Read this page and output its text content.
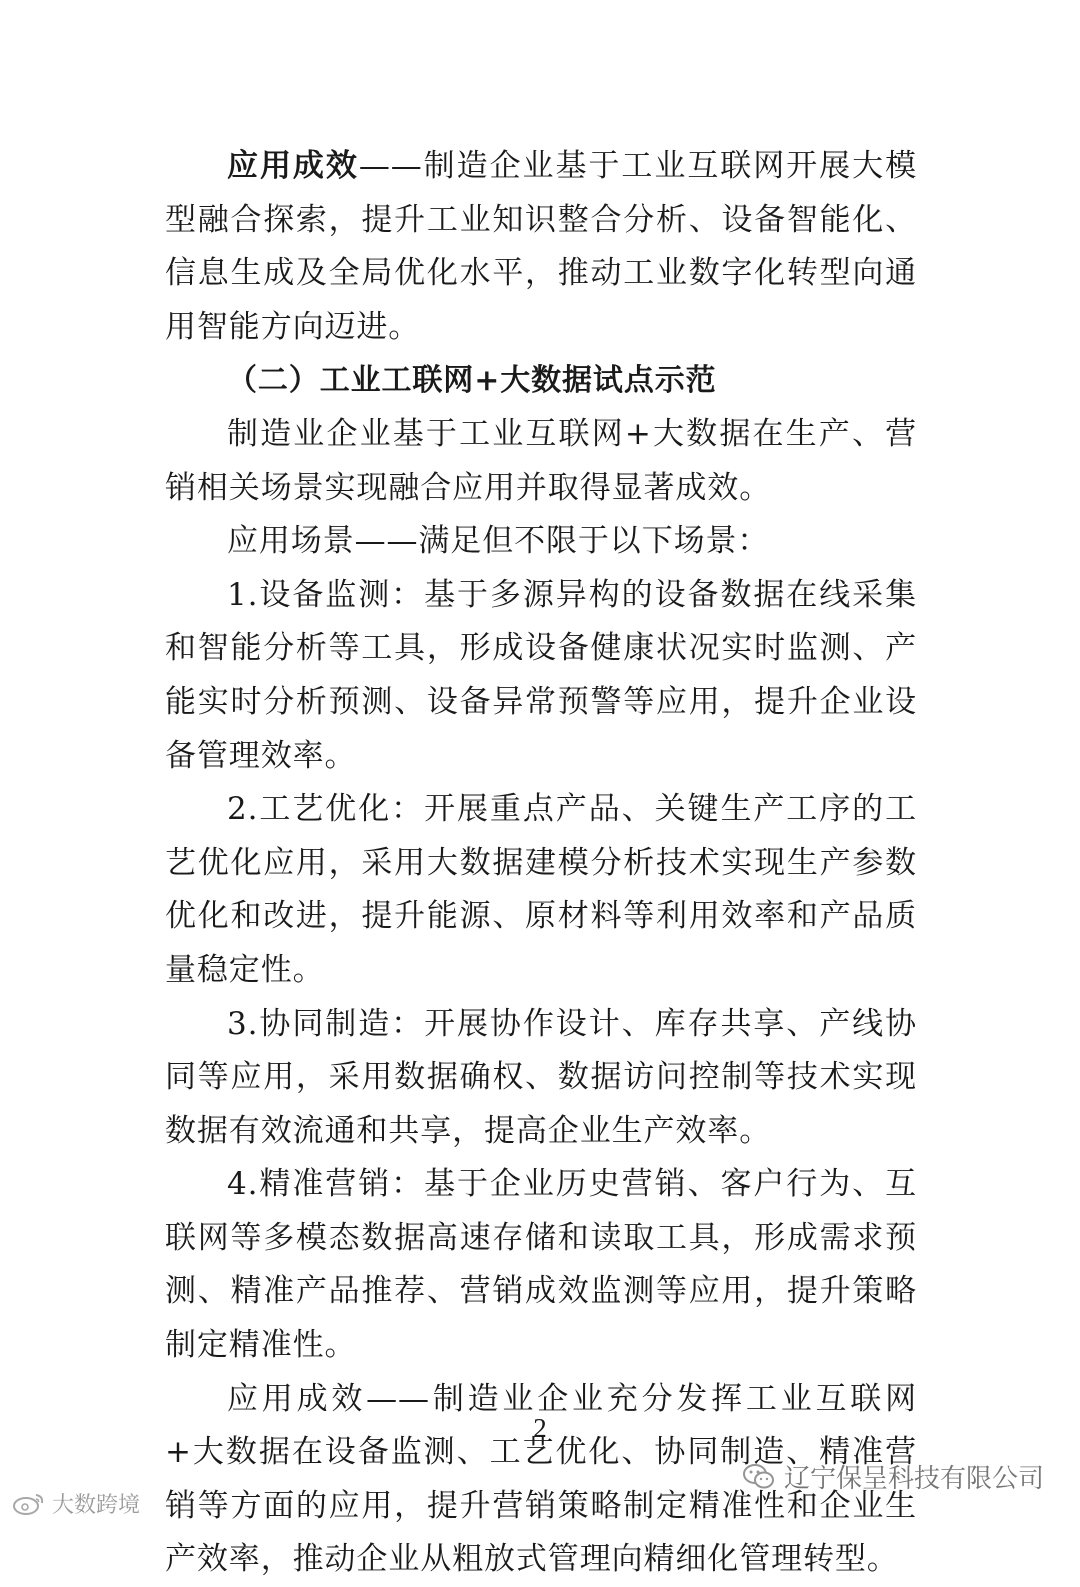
应用成效——制造企业基于工业互联网开展大模型融合探索，提升工业知识整合分析、设备智能化、信息生成及全局优化水平，推动工业数字化转型向通用智能方向迈进。

（二）工业工联网+大数据试点示范

制造业企业基于工业互联网+大数据在生产、营销相关场景实现融合应用并取得显著成效。

应用场景——满足但不限于以下场景：

1.设备监测：基于多源异构的设备数据在线采集和智能分析等工具，形成设备健康状况实时监测、产能实时分析预测、设备异常预警等应用，提升企业设备管理效率。

2.工艺优化：开展重点产品、关键生产工序的工艺优化应用，采用大数据建模分析技术实现生产参数优化和改进，提升能源、原材料等利用效率和产品质量稳定性。

3.协同制造：开展协作设计、库存共享、产线协同等应用，采用数据确权、数据访问控制等技术实现数据有效流通和共享，提高企业生产效率。

4.精准营销：基于企业历史营销、客户行为、互联网等多模态数据高速存储和读取工具，形成需求预测、精准产品推荐、营销成效监测等应用，提升策略制定精准性。

应用成效——制造业企业充分发挥工业互联网+大数据在设备监测、工艺优化、协同制造、精准营销等方面的应用，提升营销策略制定精准性和企业生产效率，推动企业从粗放式管理向精细化管理转型。

2
辽宁保呈科技有限公司
大数跨境
